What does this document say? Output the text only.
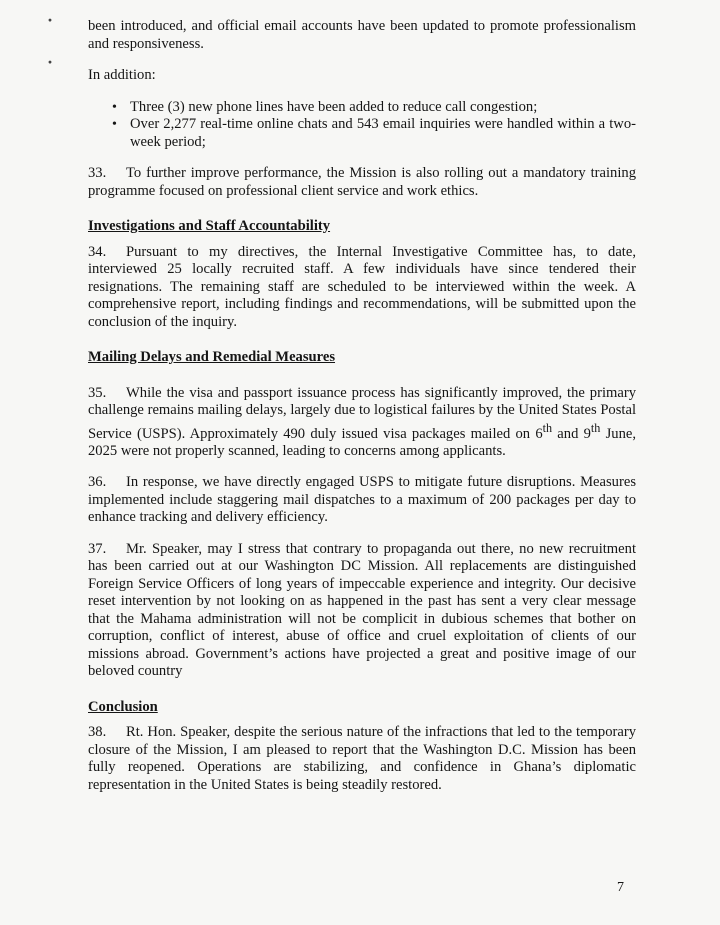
·
·

been introduced, and official email accounts have been updated to promote professionalism and responsiveness.

In addition:

• Three (3) new phone lines have been added to reduce call congestion;
• Over 2,277 real-time online chats and 543 email inquiries were handled within a two-week period;

33. To further improve performance, the Mission is also rolling out a mandatory training programme focused on professional client service and work ethics.

Investigations and Staff Accountability

34. Pursuant to my directives, the Internal Investigative Committee has, to date, interviewed 25 locally recruited staff. A few individuals have since tendered their resignations. The remaining staff are scheduled to be interviewed within the week. A comprehensive report, including findings and recommendations, will be submitted upon the conclusion of the inquiry.

Mailing Delays and Remedial Measures

35. While the visa and passport issuance process has significantly improved, the primary challenge remains mailing delays, largely due to logistical failures by the United States Postal Service (USPS). Approximately 490 duly issued visa packages mailed on 6th and 9th June, 2025 were not properly scanned, leading to concerns among applicants.

36. In response, we have directly engaged USPS to mitigate future disruptions. Measures implemented include staggering mail dispatches to a maximum of 200 packages per day to enhance tracking and delivery efficiency.

37. Mr. Speaker, may I stress that contrary to propaganda out there, no new recruitment has been carried out at our Washington DC Mission. All replacements are distinguished Foreign Service Officers of long years of impeccable experience and integrity. Our decisive reset intervention by not looking on as happened in the past has sent a very clear message that the Mahama administration will not be complicit in dubious schemes that bother on corruption, conflict of interest, abuse of office and cruel exploitation of clients of our missions abroad. Government’s actions have projected a great and positive image of our beloved country

Conclusion

38. Rt. Hon. Speaker, despite the serious nature of the infractions that led to the temporary closure of the Mission, I am pleased to report that the Washington D.C. Mission has been fully reopened. Operations are stabilizing, and confidence in Ghana’s diplomatic representation in the United States is being steadily restored.

7
